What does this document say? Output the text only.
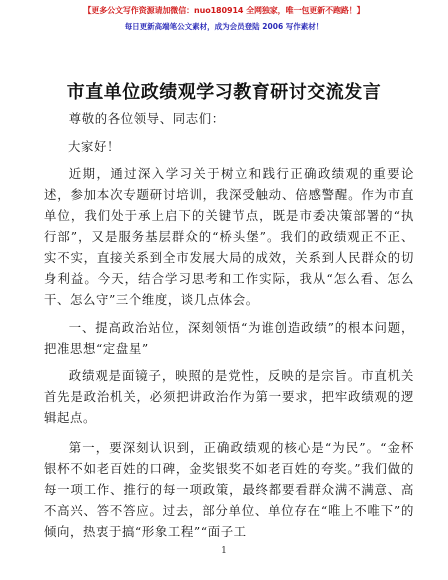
【更多公文写作资源请加微信：nuo180914 全网独家，唯一包更新不跑路！】
每日更新高端笔公文素材，成为会员登陆 2006 写作素材！
市直单位政绩观学习教育研讨交流发言

尊敬的各位领导、同志们：

大家好！

近期，通过深入学习关于树立和践行正确政绩观的重要论述，参加本次专题研讨培训，我深受触动、倍感警醒。作为市直单位，我们处于承上启下的关键节点，既是市委决策部署的“执行部”，又是服务基层群众的“桥头堡”。我们的政绩观正不正、实不实，直接关系到全市发展大局的成效，关系到人民群众的切身利益。今天，结合学习思考和工作实际，我从“怎么看、怎么干、怎么守”三个维度，谈几点体会。

一、提高政治站位，深刻领悟“为谁创造政绩”的根本问题，把准思想“定盘星”

政绩观是面镜子，映照的是党性，反映的是宗旨。市直机关首先是政治机关，必须把讲政治作为第一要求，把牢政绩观的逻辑起点。

第一，要深刻认识到，正确政绩观的核心是“为民”。“金杯银杯不如老百姓的口碑，金奖银奖不如老百姓的夸奖。”我们做的每一项工作、推行的每一项政策，最终都要看群众满不满意、高不高兴、答不答应。过去，部分单位、单位存在“唯上不唯下”的倾向，热衷于搞“形象工程”“面子工

1
